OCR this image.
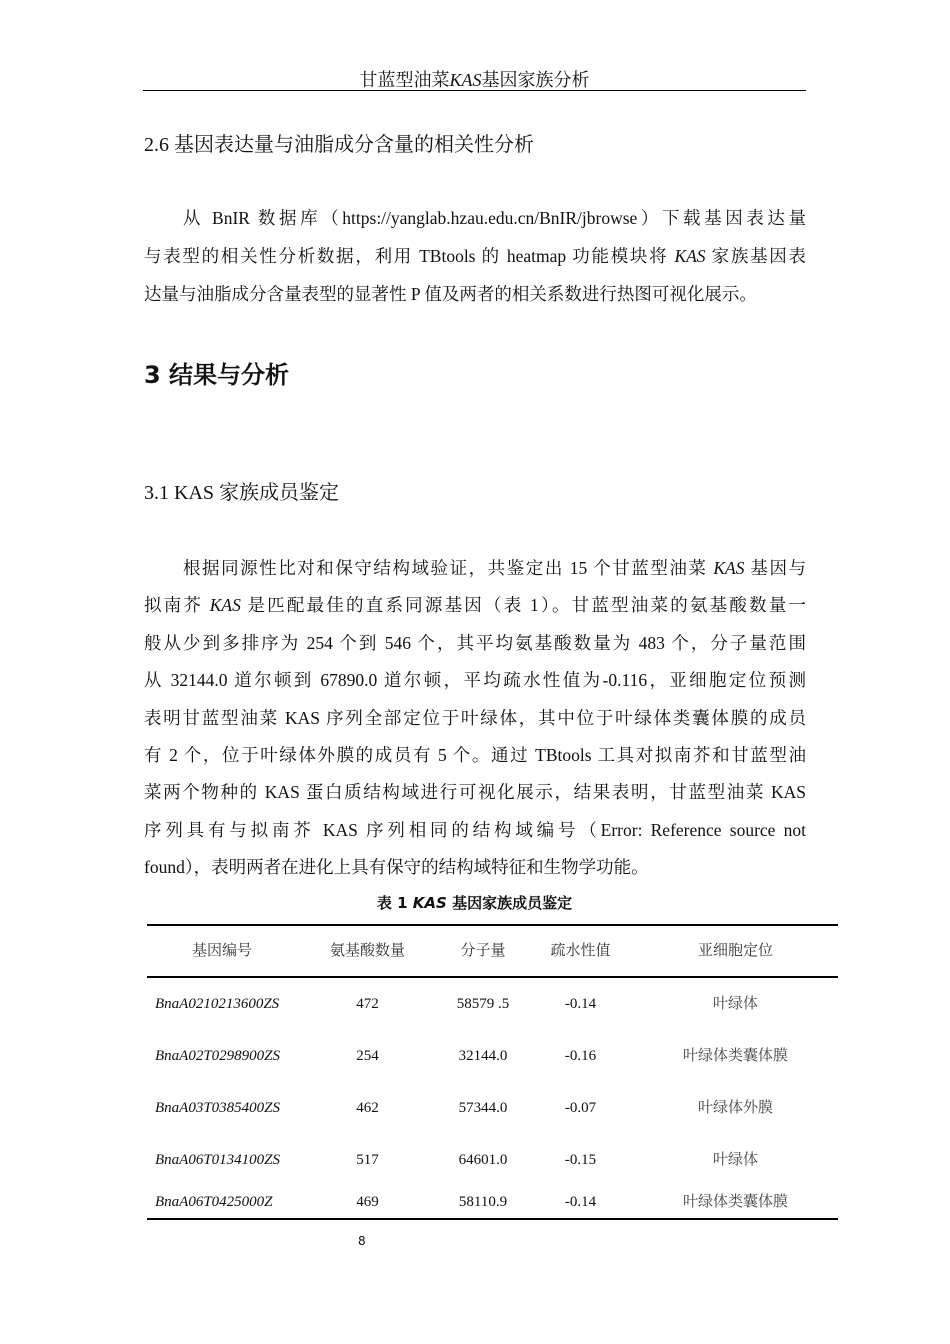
甘蓝型油菜KAS基因家族分析
2.6 基因表达量与油脂成分含量的相关性分析
从 BnIR 数据库（https://yanglab.hzau.edu.cn/BnIR/jbrowse）下载基因表达量
与表型的相关性分析数据，利用 TBtools 的 heatmap 功能模块将 KAS 家族基因表
达量与油脂成分含量表型的显著性 P 值及两者的相关系数进行热图可视化展示。
3 结果与分析
3.1 KAS 家族成员鉴定
根据同源性比对和保守结构域验证，共鉴定出 15 个甘蓝型油菜 KAS 基因与
拟南芥 KAS 是匹配最佳的直系同源基因（表 1）。甘蓝型油菜的氨基酸数量一
般从少到多排序为 254 个到 546 个，其平均氨基酸数量为 483 个，分子量范围
从 32144.0 道尔顿到 67890.0 道尔顿，平均疏水性值为-0.116，亚细胞定位预测
表明甘蓝型油菜 KAS 序列全部定位于叶绿体，其中位于叶绿体类囊体膜的成员
有 2 个，位于叶绿体外膜的成员有 5 个。通过 TBtools 工具对拟南芥和甘蓝型油
菜两个物种的 KAS 蛋白质结构域进行可视化展示，结果表明，甘蓝型油菜 KAS
序列具有与拟南芥 KAS 序列相同的结构域编号（Error: Reference source not
found），表明两者在进化上具有保守的结构域特征和生物学功能。
表 1 KAS 基因家族成员鉴定
基因编号	氨基酸数量	分子量	疏水性值	亚细胞定位
BnaA0210213600ZS	472	58579 .5	-0.14	叶绿体
BnaA02T0298900ZS	254	32144.0	-0.16	叶绿体类囊体膜
BnaA03T0385400ZS	462	57344.0	-0.07	叶绿体外膜
BnaA06T0134100ZS	517	64601.0	-0.15	叶绿体
BnaA06T0425000Z	469	58110.9	-0.14	叶绿体类囊体膜
8
